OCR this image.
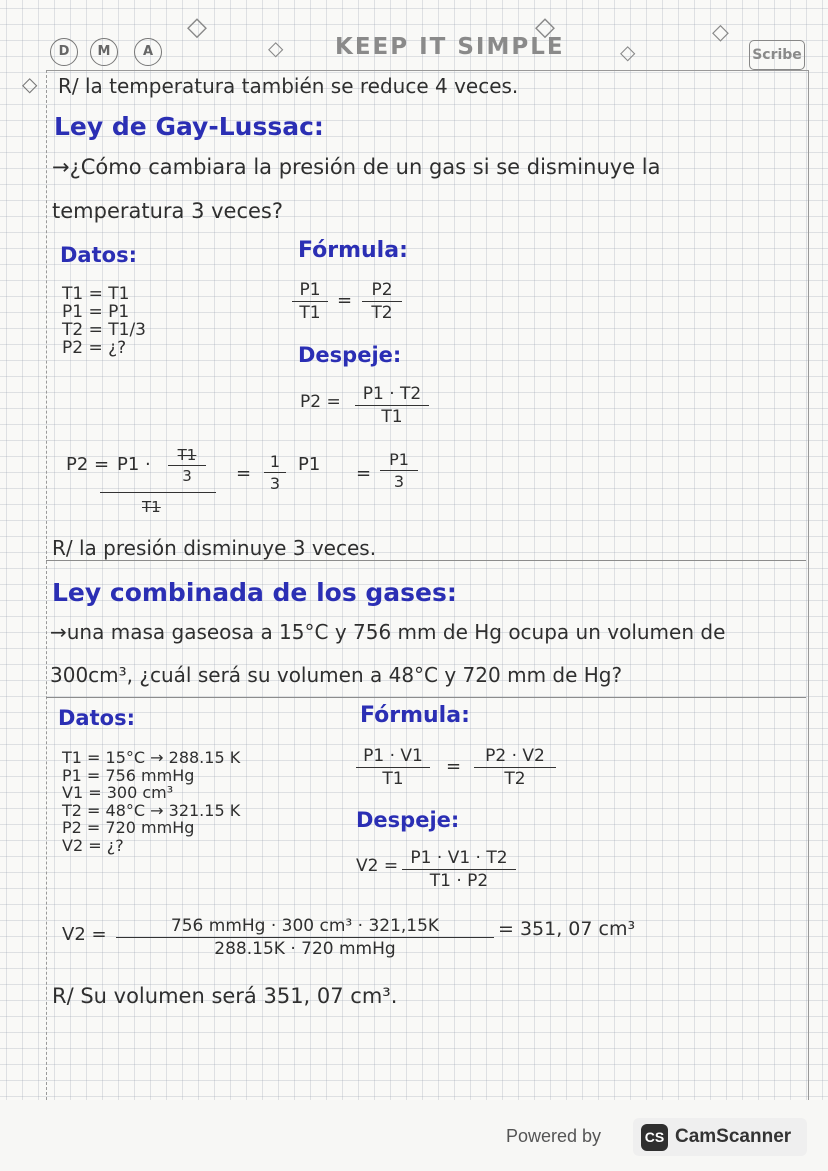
D	M	A
◇
◇ KEEP IT SIMPLE
◇
◇
◇
Scribe
◇ R/ la temperatura también se reduce 4 veces.
Ley de Gay-Lussac:
→¿Cómo cambiara la presión de un gas si se disminuye la
temperatura 3 veces?
Datos:	Fórmula:
T1 = T1
P1 = P1
T2 = T1/3
P2 = ¿?
P1
T1
=	P2
T2
Despeje:
P2 =	P1 · T2
T1
P2 = P1 ·	T1
3
T1
=
1
3
P1 =
P1
3
R/ la presión disminuye 3 veces.
Ley combinada de los gases:
→una masa gaseosa a 15°C y 756 mm de Hg ocupa un volumen de
300cm³, ¿cuál será su volumen a 48°C y 720 mm de Hg?
Datos:	Fórmula:
T1 = 15°C → 288.15 K
P1 = 756 mmHg
V1 = 300 cm³
T2 = 48°C → 321.15 K
P2 = 720 mmHg
V2 = ¿?
P1 · V1
T1
=	P2 · V2
T2
Despeje:
V2 = P1 · V1 · T2
T1 · P2
V2 =	756 mmHg · 300 cm³ · 321,15K
288.15K · 720 mmHg
= 351, 07 cm³
R/ Su volumen será 351, 07 cm³.
Powered by	CS CamScanner
